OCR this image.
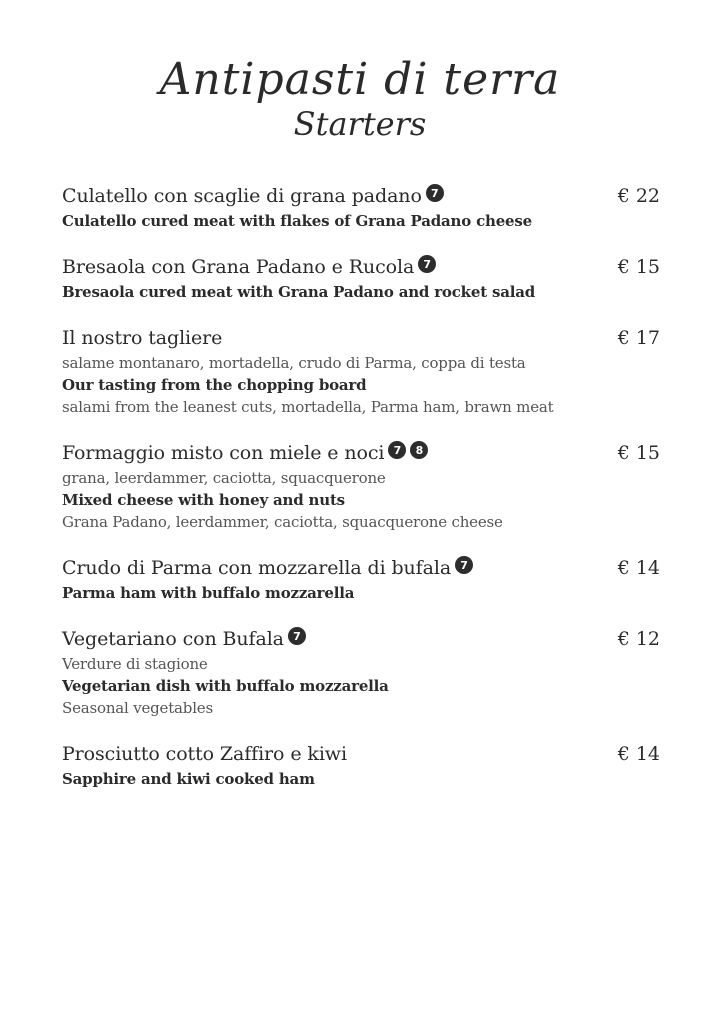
Antipasti di terra
Starters
Culatello con scaglie di grana padano 7	€ 22
Culatello cured meat with flakes of Grana Padano cheese
Bresaola con Grana Padano e Rucola 7	€ 15
Bresaola cured meat with Grana Padano and rocket salad
Il nostro tagliere	€ 17
salame montanaro, mortadella, crudo di Parma, coppa di testa
Our tasting from the chopping board
salami from the leanest cuts, mortadella, Parma ham, brawn meat
Formaggio misto con miele e noci 7	8	€ 15
grana, leerdammer, caciotta, squacquerone
Mixed cheese with honey and nuts
Grana Padano, leerdammer, caciotta, squacquerone cheese
Crudo di Parma con mozzarella di bufala 7	€ 14
Parma ham with buffalo mozzarella
Vegetariano con Bufala 7	€ 12
Verdure di stagione
Vegetarian dish with buffalo mozzarella
Seasonal vegetables
Prosciutto cotto Zaffiro e kiwi	€ 14
Sapphire and kiwi cooked ham
